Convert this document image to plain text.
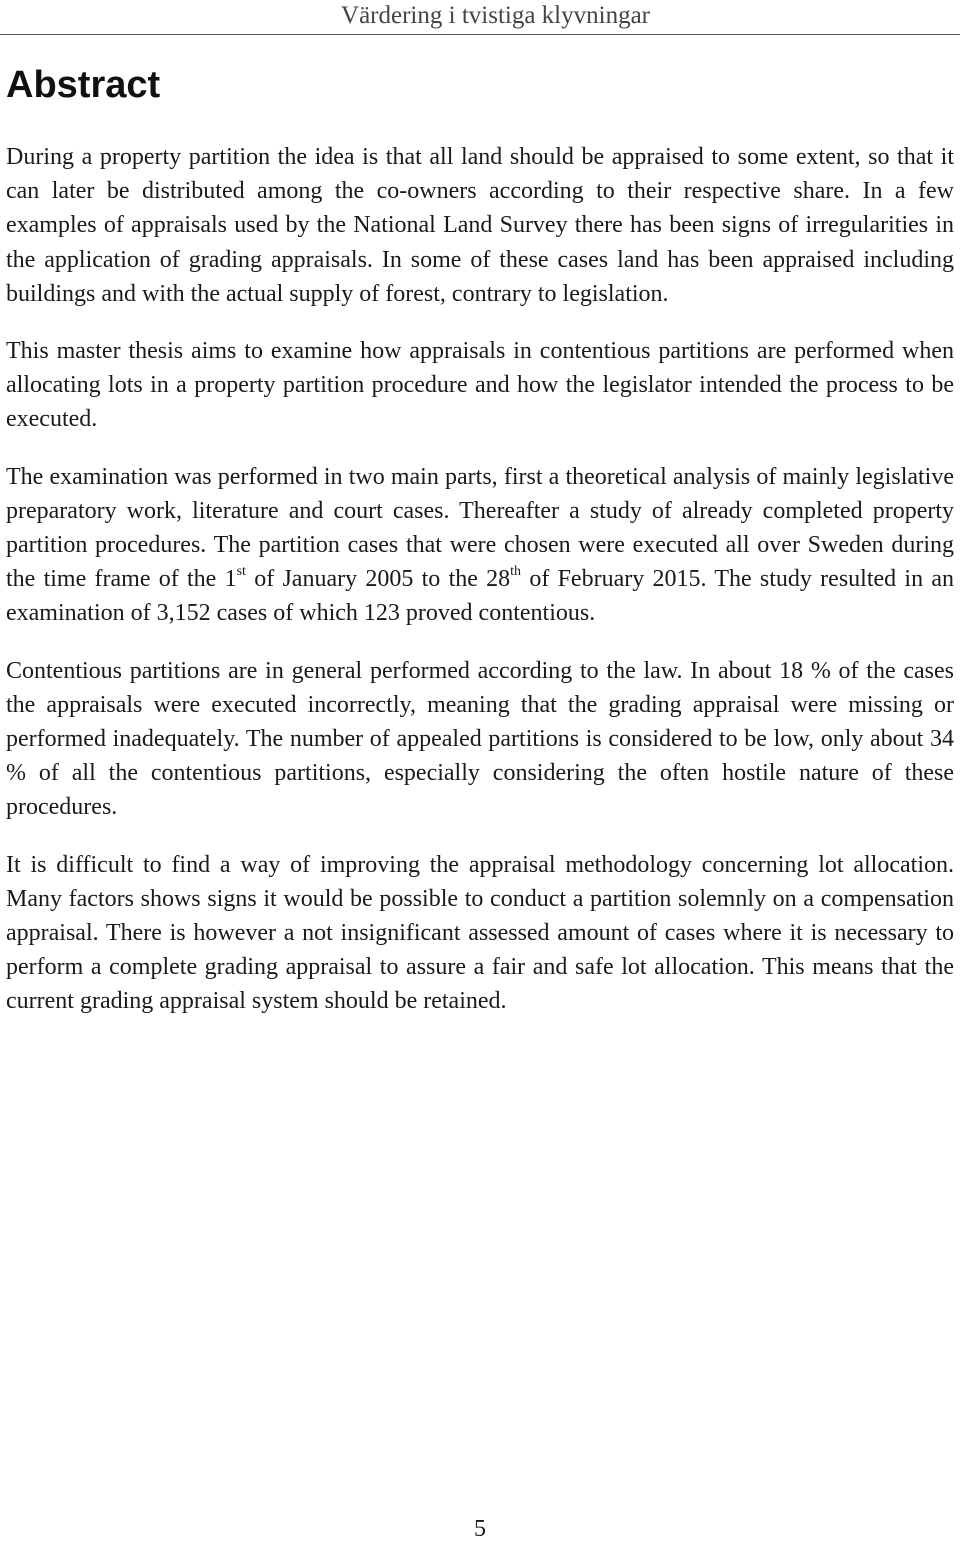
Värdering i tvistiga klyvningar
Abstract

During a property partition the idea is that all land should be appraised to some extent, so that it can later be distributed among the co-owners according to their respective share. In a few examples of appraisals used by the National Land Survey there has been signs of irregularities in the application of grading appraisals. In some of these cases land has been appraised including buildings and with the actual supply of forest, contrary to legislation.

This master thesis aims to examine how appraisals in contentious partitions are performed when allocating lots in a property partition procedure and how the legislator intended the process to be executed.

The examination was performed in two main parts, first a theoretical analysis of mainly legislative preparatory work, literature and court cases. Thereafter a study of already completed property partition procedures. The partition cases that were chosen were executed all over Sweden during the time frame of the 1st of January 2005 to the 28th of February 2015. The study resulted in an examination of 3,152 cases of which 123 proved contentious.

Contentious partitions are in general performed according to the law. In about 18 % of the cases the appraisals were executed incorrectly, meaning that the grading appraisal were missing or performed inadequately. The number of appealed partitions is considered to be low, only about 34 % of all the contentious partitions, especially considering the often hostile nature of these procedures.

It is difficult to find a way of improving the appraisal methodology concerning lot allocation. Many factors shows signs it would be possible to conduct a partition solemnly on a compensation appraisal. There is however a not insignificant assessed amount of cases where it is necessary to perform a complete grading appraisal to assure a fair and safe lot allocation. This means that the current grading appraisal system should be retained.

5
